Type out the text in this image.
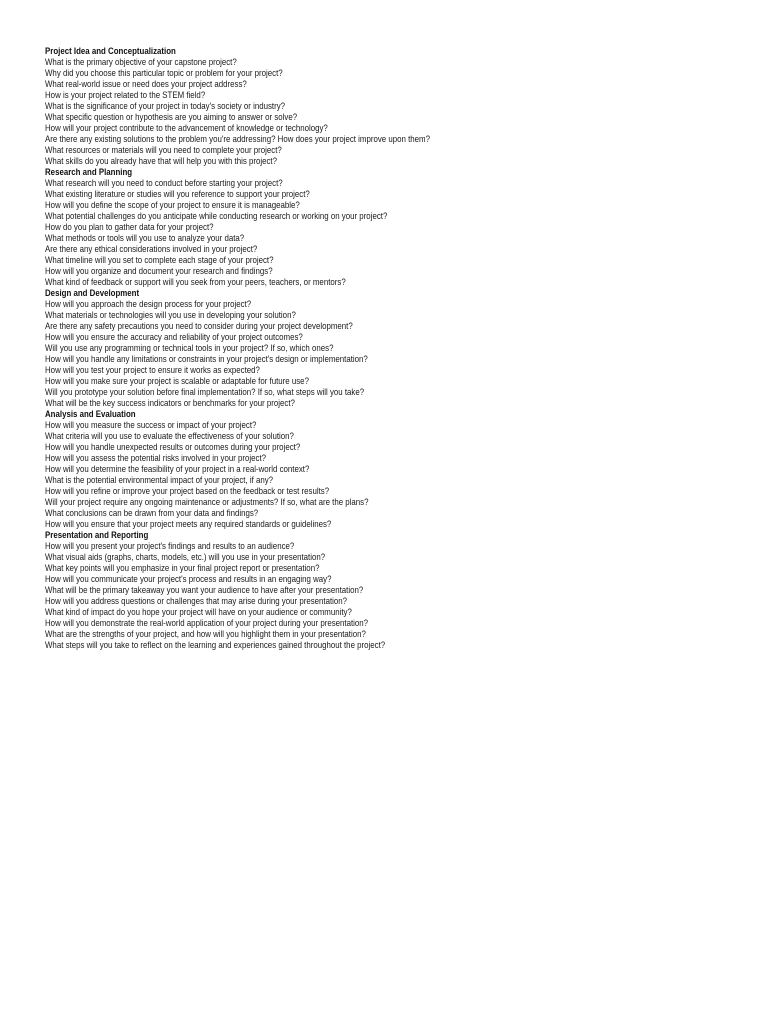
Project Idea and Conceptualization
What is the primary objective of your capstone project?
Why did you choose this particular topic or problem for your project?
What real-world issue or need does your project address?
How is your project related to the STEM field?
What is the significance of your project in today's society or industry?
What specific question or hypothesis are you aiming to answer or solve?
How will your project contribute to the advancement of knowledge or technology?
Are there any existing solutions to the problem you're addressing? How does your project improve upon them?
What resources or materials will you need to complete your project?
What skills do you already have that will help you with this project?
Research and Planning
What research will you need to conduct before starting your project?
What existing literature or studies will you reference to support your project?
How will you define the scope of your project to ensure it is manageable?
What potential challenges do you anticipate while conducting research or working on your project?
How do you plan to gather data for your project?
What methods or tools will you use to analyze your data?
Are there any ethical considerations involved in your project?
What timeline will you set to complete each stage of your project?
How will you organize and document your research and findings?
What kind of feedback or support will you seek from your peers, teachers, or mentors?
Design and Development
How will you approach the design process for your project?
What materials or technologies will you use in developing your solution?
Are there any safety precautions you need to consider during your project development?
How will you ensure the accuracy and reliability of your project outcomes?
Will you use any programming or technical tools in your project? If so, which ones?
How will you handle any limitations or constraints in your project's design or implementation?
How will you test your project to ensure it works as expected?
How will you make sure your project is scalable or adaptable for future use?
Will you prototype your solution before final implementation? If so, what steps will you take?
What will be the key success indicators or benchmarks for your project?
Analysis and Evaluation
How will you measure the success or impact of your project?
What criteria will you use to evaluate the effectiveness of your solution?
How will you handle unexpected results or outcomes during your project?
How will you assess the potential risks involved in your project?
How will you determine the feasibility of your project in a real-world context?
What is the potential environmental impact of your project, if any?
How will you refine or improve your project based on the feedback or test results?
Will your project require any ongoing maintenance or adjustments? If so, what are the plans?
What conclusions can be drawn from your data and findings?
How will you ensure that your project meets any required standards or guidelines?
Presentation and Reporting
How will you present your project's findings and results to an audience?
What visual aids (graphs, charts, models, etc.) will you use in your presentation?
What key points will you emphasize in your final project report or presentation?
How will you communicate your project's process and results in an engaging way?
What will be the primary takeaway you want your audience to have after your presentation?
How will you address questions or challenges that may arise during your presentation?
What kind of impact do you hope your project will have on your audience or community?
How will you demonstrate the real-world application of your project during your presentation?
What are the strengths of your project, and how will you highlight them in your presentation?
What steps will you take to reflect on the learning and experiences gained throughout the project?
